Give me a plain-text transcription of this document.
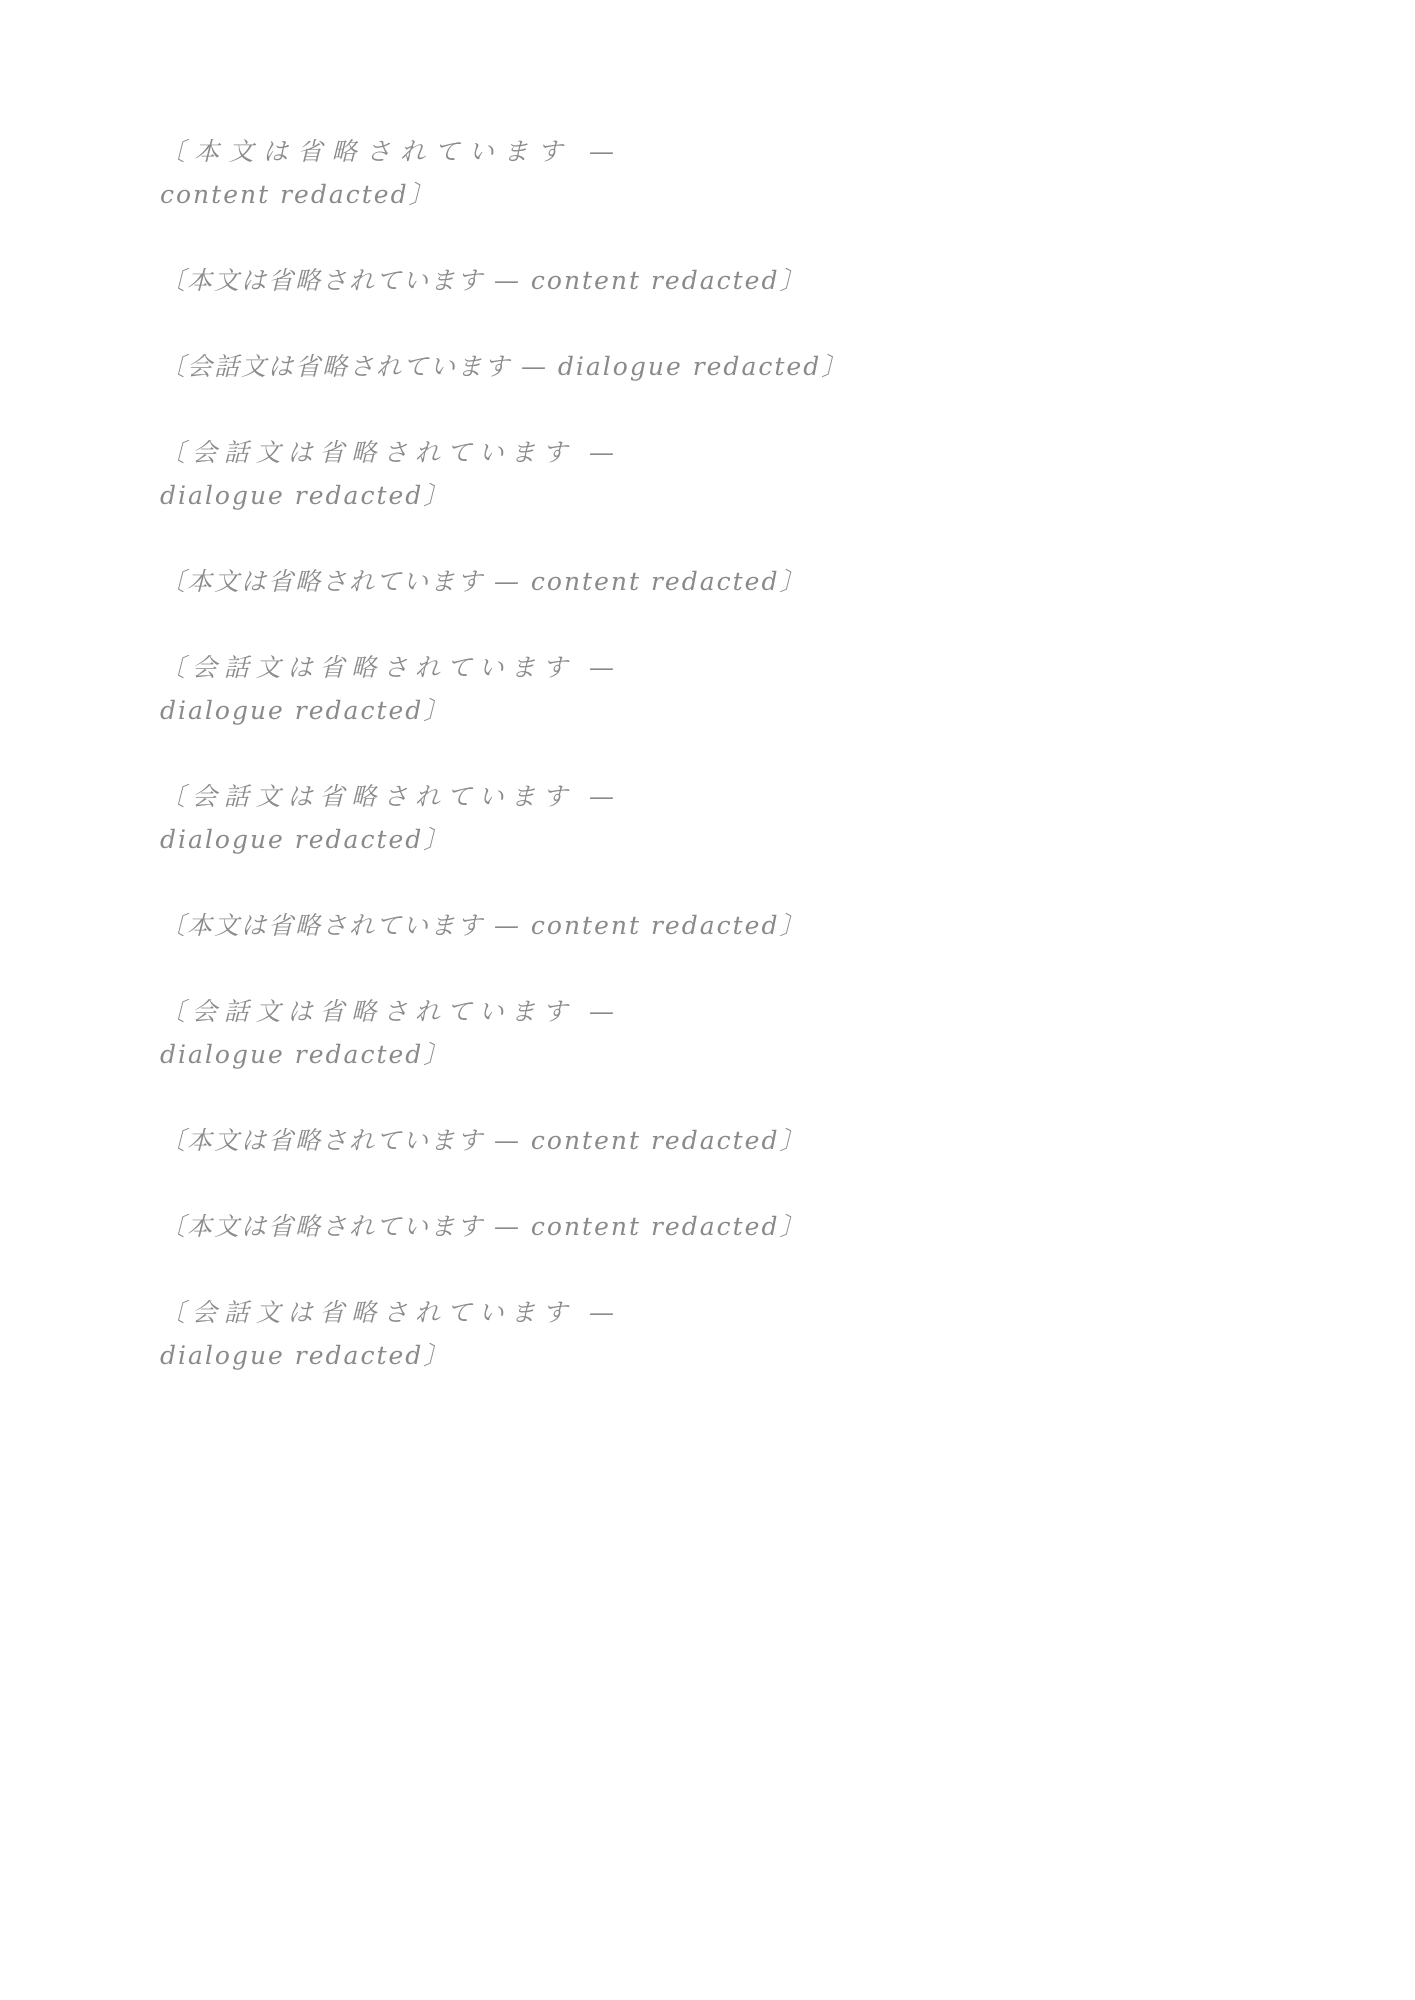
〔本文は省略されています — content redacted〕

〔本文は省略されています — content redacted〕

〔会話文は省略されています — dialogue redacted〕

〔会話文は省略されています — dialogue redacted〕

〔本文は省略されています — content redacted〕

〔会話文は省略されています — dialogue redacted〕

〔会話文は省略されています — dialogue redacted〕

〔本文は省略されています — content redacted〕

〔会話文は省略されています — dialogue redacted〕

〔本文は省略されています — content redacted〕

〔本文は省略されています — content redacted〕

〔会話文は省略されています — dialogue redacted〕
